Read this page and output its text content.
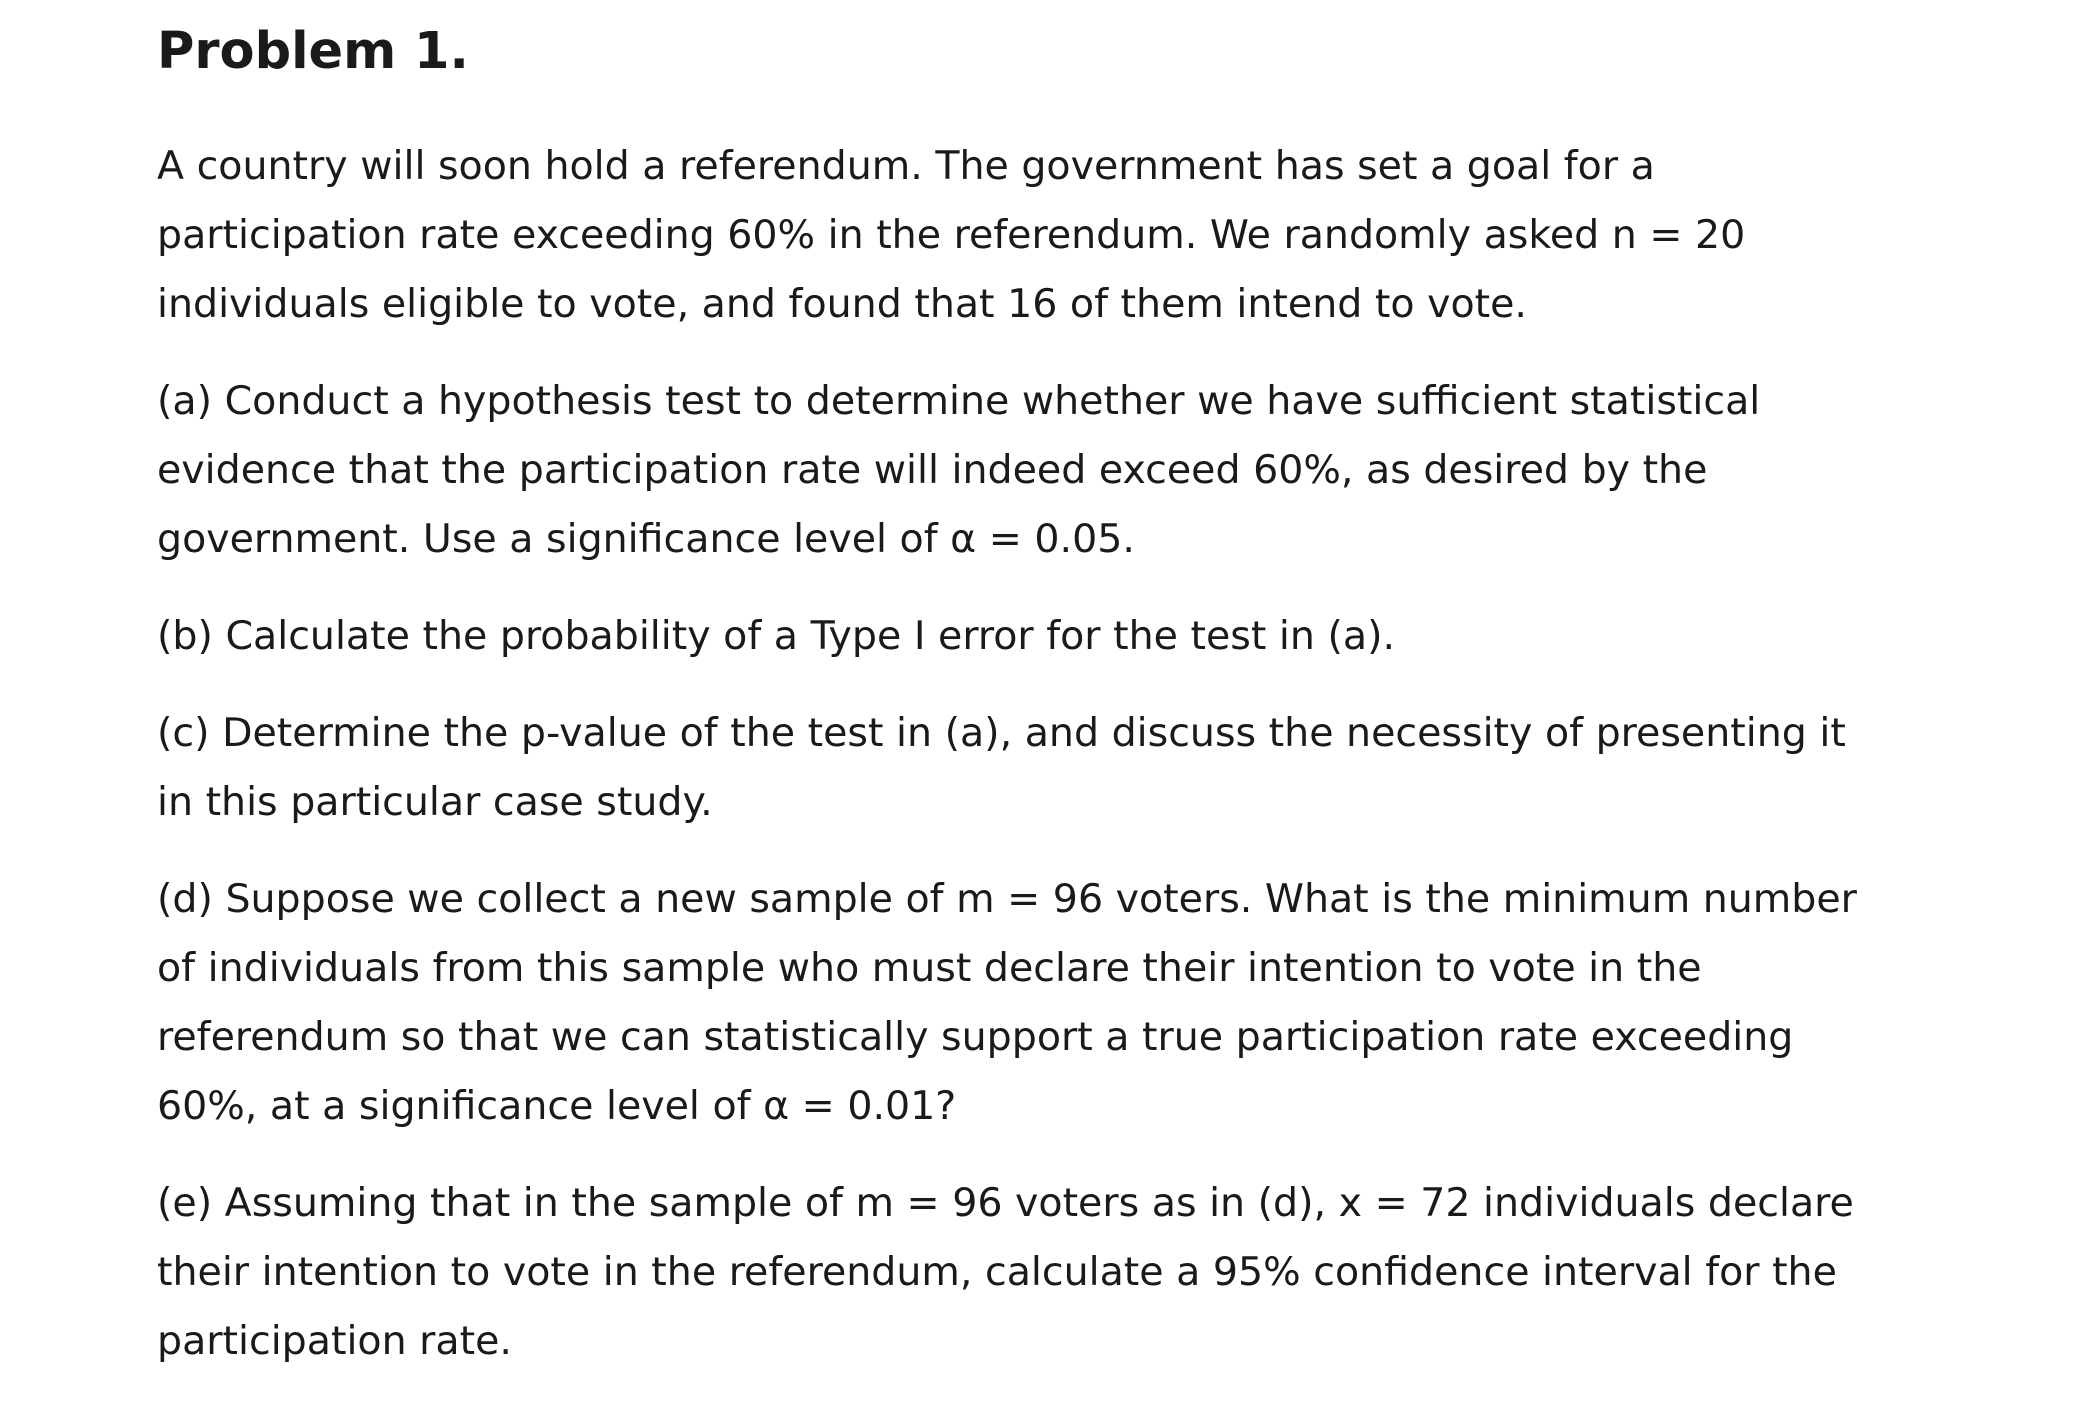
Problem 1.

A country will soon hold a referendum. The government has set a goal for a
participation rate exceeding 60% in the referendum. We randomly asked n = 20
individuals eligible to vote, and found that 16 of them intend to vote.

(a) Conduct a hypothesis test to determine whether we have sufficient statistical
evidence that the participation rate will indeed exceed 60%, as desired by the
government. Use a significance level of α = 0.05.

(b) Calculate the probability of a Type I error for the test in (a).

(c) Determine the p-value of the test in (a), and discuss the necessity of presenting it
in this particular case study.

(d) Suppose we collect a new sample of m = 96 voters. What is the minimum number
of individuals from this sample who must declare their intention to vote in the
referendum so that we can statistically support a true participation rate exceeding
60%, at a significance level of α = 0.01?

(e) Assuming that in the sample of m = 96 voters as in (d), x = 72 individuals declare
their intention to vote in the referendum, calculate a 95% confidence interval for the
participation rate.
